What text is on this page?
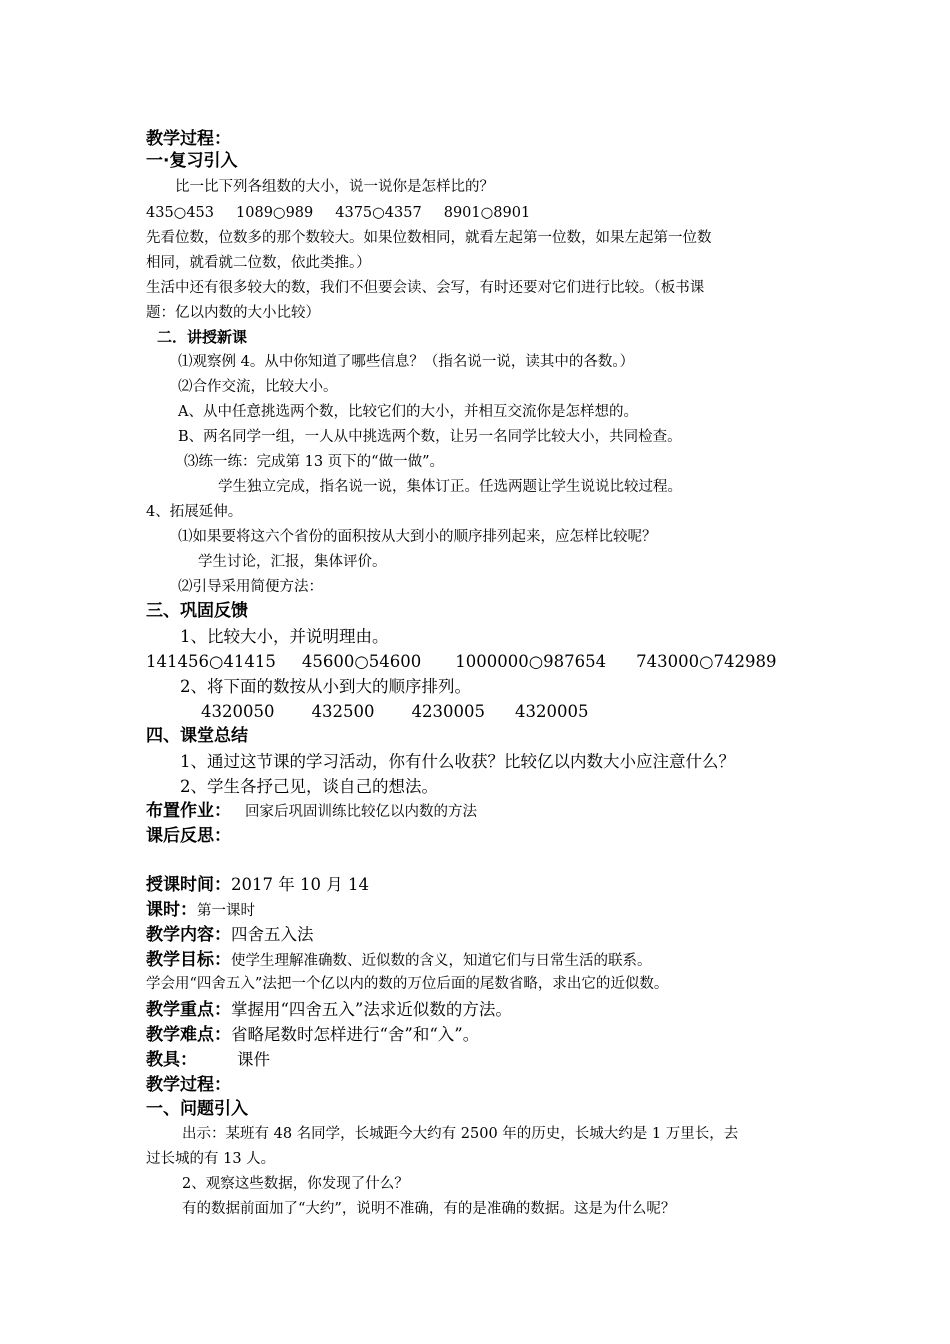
教学过程：
一·复习引入
比一比下列各组数的大小，说一说你是怎样比的？
435○453 1089○989 4375○4357 8901○8901
先看位数，位数多的那个数较大。如果位数相同，就看左起第一位数，如果左起第一位数
相同，就看就二位数，依此类推。）
生活中还有很多较大的数，我们不但要会读、会写，有时还要对它们进行比较。（板书课
题：亿以内数的大小比较）
二．讲授新课
⑴观察例 4。从中你知道了哪些信息？（指名说一说，读其中的各数。）
⑵合作交流，比较大小。
A、从中任意挑选两个数，比较它们的大小，并相互交流你是怎样想的。
B、两名同学一组，一人从中挑选两个数，让另一名同学比较大小，共同检查。
⑶练一练：完成第 13 页下的“做一做”。
学生独立完成，指名说一说，集体订正。任选两题让学生说说比较过程。
4、拓展延伸。
⑴如果要将这六个省份的面积按从大到小的顺序排列起来，应怎样比较呢？
学生讨论，汇报，集体评价。
⑵引导采用简便方法：
三、巩固反馈
1、比较大小，并说明理由。
141456○41415 45600○54600 1000000○987654 743000○742989
2、将下面的数按从小到大的顺序排列。
4320050 432500 4230005 4320005
四、课堂总结
1、通过这节课的学习活动，你有什么收获？比较亿以内数大小应注意什么？
2、学生各抒己见，谈自己的想法。
布置作业： 回家后巩固训练比较亿以内数的方法
课后反思：
授课时间：2017 年 10 月 14
课时：第一课时
教学内容：四舍五入法
教学目标：使学生理解准确数、近似数的含义，知道它们与日常生活的联系。
学会用“四舍五入”法把一个亿以内的数的万位后面的尾数省略，求出它的近似数。
教学重点：掌握用“四舍五入”法求近似数的方法。
教学难点：省略尾数时怎样进行“舍”和“入”。
教具： 课件
教学过程：
一、问题引入
出示：某班有 48 名同学，长城距今大约有 2500 年的历史，长城大约是 1 万里长，去
过长城的有 13 人。
2、观察这些数据，你发现了什么？
有的数据前面加了“大约”，说明不准确，有的是准确的数据。这是为什么呢？
